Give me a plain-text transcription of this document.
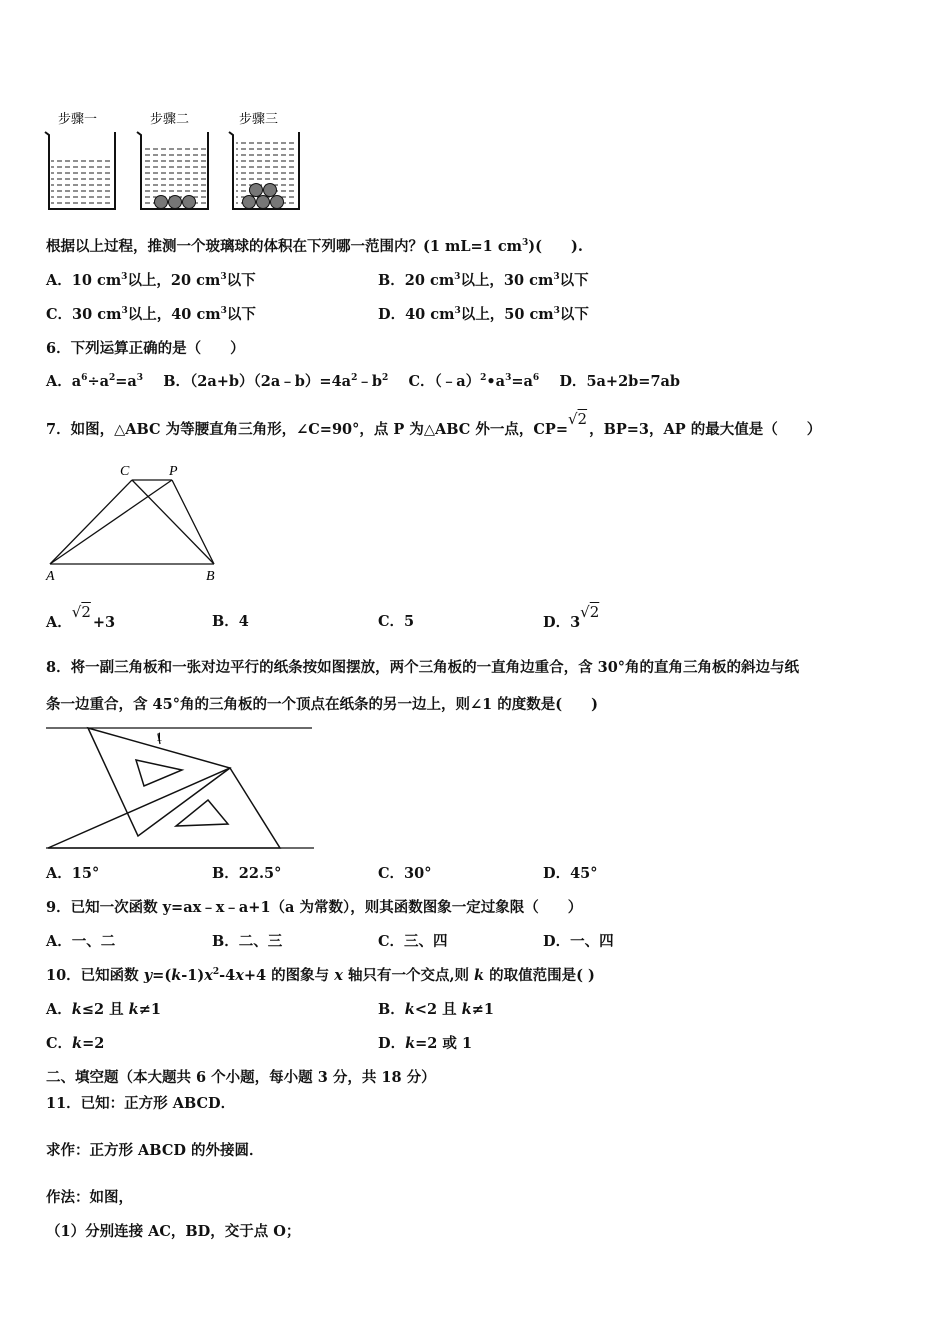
步骤一	步骤二	步骤三
根据以上过程，推测一个玻璃球的体积在下列哪一范围内？(1 mL=1 $cm^3$)(　　).
A．10 $cm^3$以上，20 $cm^3$以下	B．20 $cm^3$以上，30 $cm^3$以下
C．30 $cm^3$以上，40 $cm^3$以下	D．40 $cm^3$以上，50 $cm^3$以下
6．下列运算正确的是（　　）
A．$a^6\div a^2=a^3$ B．$(2a+b)(2a﹣b)=4a^2﹣b^2$ C．$(﹣a)^2•a^3=a^6$ D．5a+2b=7ab
7．如图，△ABC 为等腰直角三角形，∠C=90°，点 P 为△ABC 外一点，CP=√2，BP=3，AP 的最大值是（　　）
C	P
A	B
A．√2+3	B．4	C．5	D．3√2
8．将一副三角板和一张对边平行的纸条按如图摆放，两个三角板的一直角边重合，含 30°角的直角三角板的斜边与纸
条一边重合，含 45°角的三角板的一个顶点在纸条的另一边上，则∠1 的度数是(　　)
1
A．15°	B．22.5°	C．30°	D．45°
9．已知一次函数 y=ax﹣x﹣a+1（a 为常数），则其函数图象一定过象限（　　）
A．一、二	B．二、三	C．三、四	D．一、四
10．已知函数 $y=(k-1)x^2-4x+4$ 的图象与 x 轴只有一个交点,则 k 的取值范围是( )
A．k≤2 且 k≠1	B．k<2 且 k≠1
C．k=2	D．k=2 或 1
二、填空题（本大题共 6 个小题，每小题 3 分，共 18 分）
11．已知：正方形 ABCD．
求作：正方形 ABCD 的外接圆．
作法：如图，
（1）分别连接 AC，BD，交于点 O；
